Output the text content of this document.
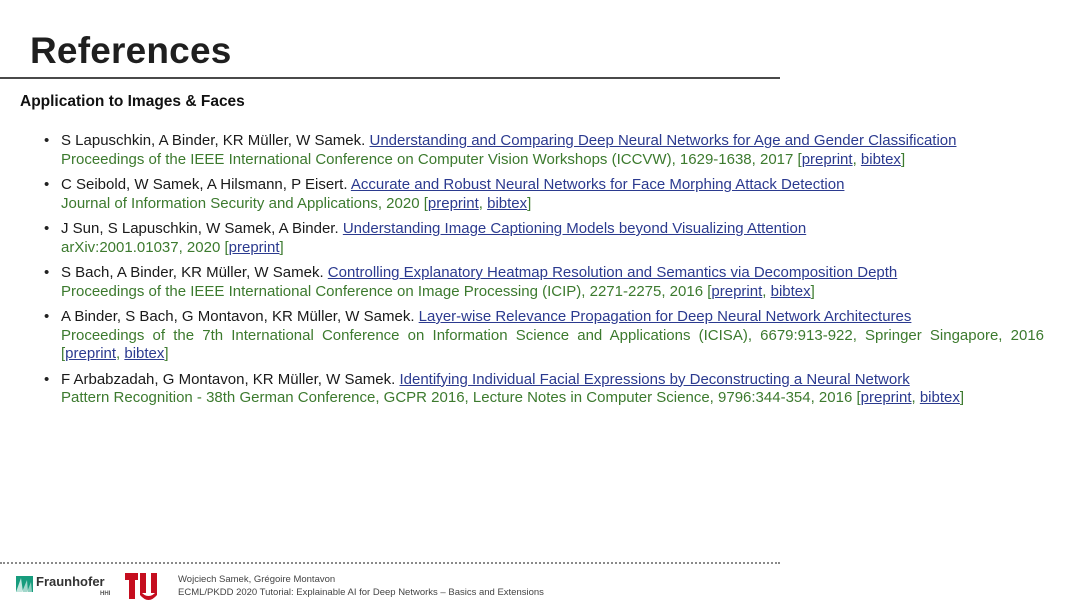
References
Application to Images & Faces
• S Lapuschkin, A Binder, KR Müller, W Samek. Understanding and Comparing Deep Neural Networks for Age and Gender Classification
Proceedings of the IEEE International Conference on Computer Vision Workshops (ICCVW), 1629-1638, 2017 [preprint, bibtex]
• C Seibold, W Samek, A Hilsmann, P Eisert. Accurate and Robust Neural Networks for Face Morphing Attack Detection
Journal of Information Security and Applications, 2020 [preprint, bibtex]
• J Sun, S Lapuschkin, W Samek, A Binder. Understanding Image Captioning Models beyond Visualizing Attention
arXiv:2001.01037, 2020 [preprint]
• S Bach, A Binder, KR Müller, W Samek. Controlling Explanatory Heatmap Resolution and Semantics via Decomposition Depth
Proceedings of the IEEE International Conference on Image Processing (ICIP), 2271-2275, 2016 [preprint, bibtex]
• A Binder, S Bach, G Montavon, KR Müller, W Samek. Layer-wise Relevance Propagation for Deep Neural Network Architectures
Proceedings of the 7th International Conference on Information Science and Applications (ICISA), 6679:913-922, Springer Singapore, 2016 [preprint, bibtex]
• F Arbabzadah, G Montavon, KR Müller, W Samek. Identifying Individual Facial Expressions by Deconstructing a Neural Network
Pattern Recognition - 38th German Conference, GCPR 2016, Lecture Notes in Computer Science, 9796:344-354, 2016 [preprint, bibtex]
Fraunhofer
HHI
Wojciech Samek, Grégoire Montavon
ECML/PKDD 2020 Tutorial: Explainable AI for Deep Networks – Basics and Extensions
